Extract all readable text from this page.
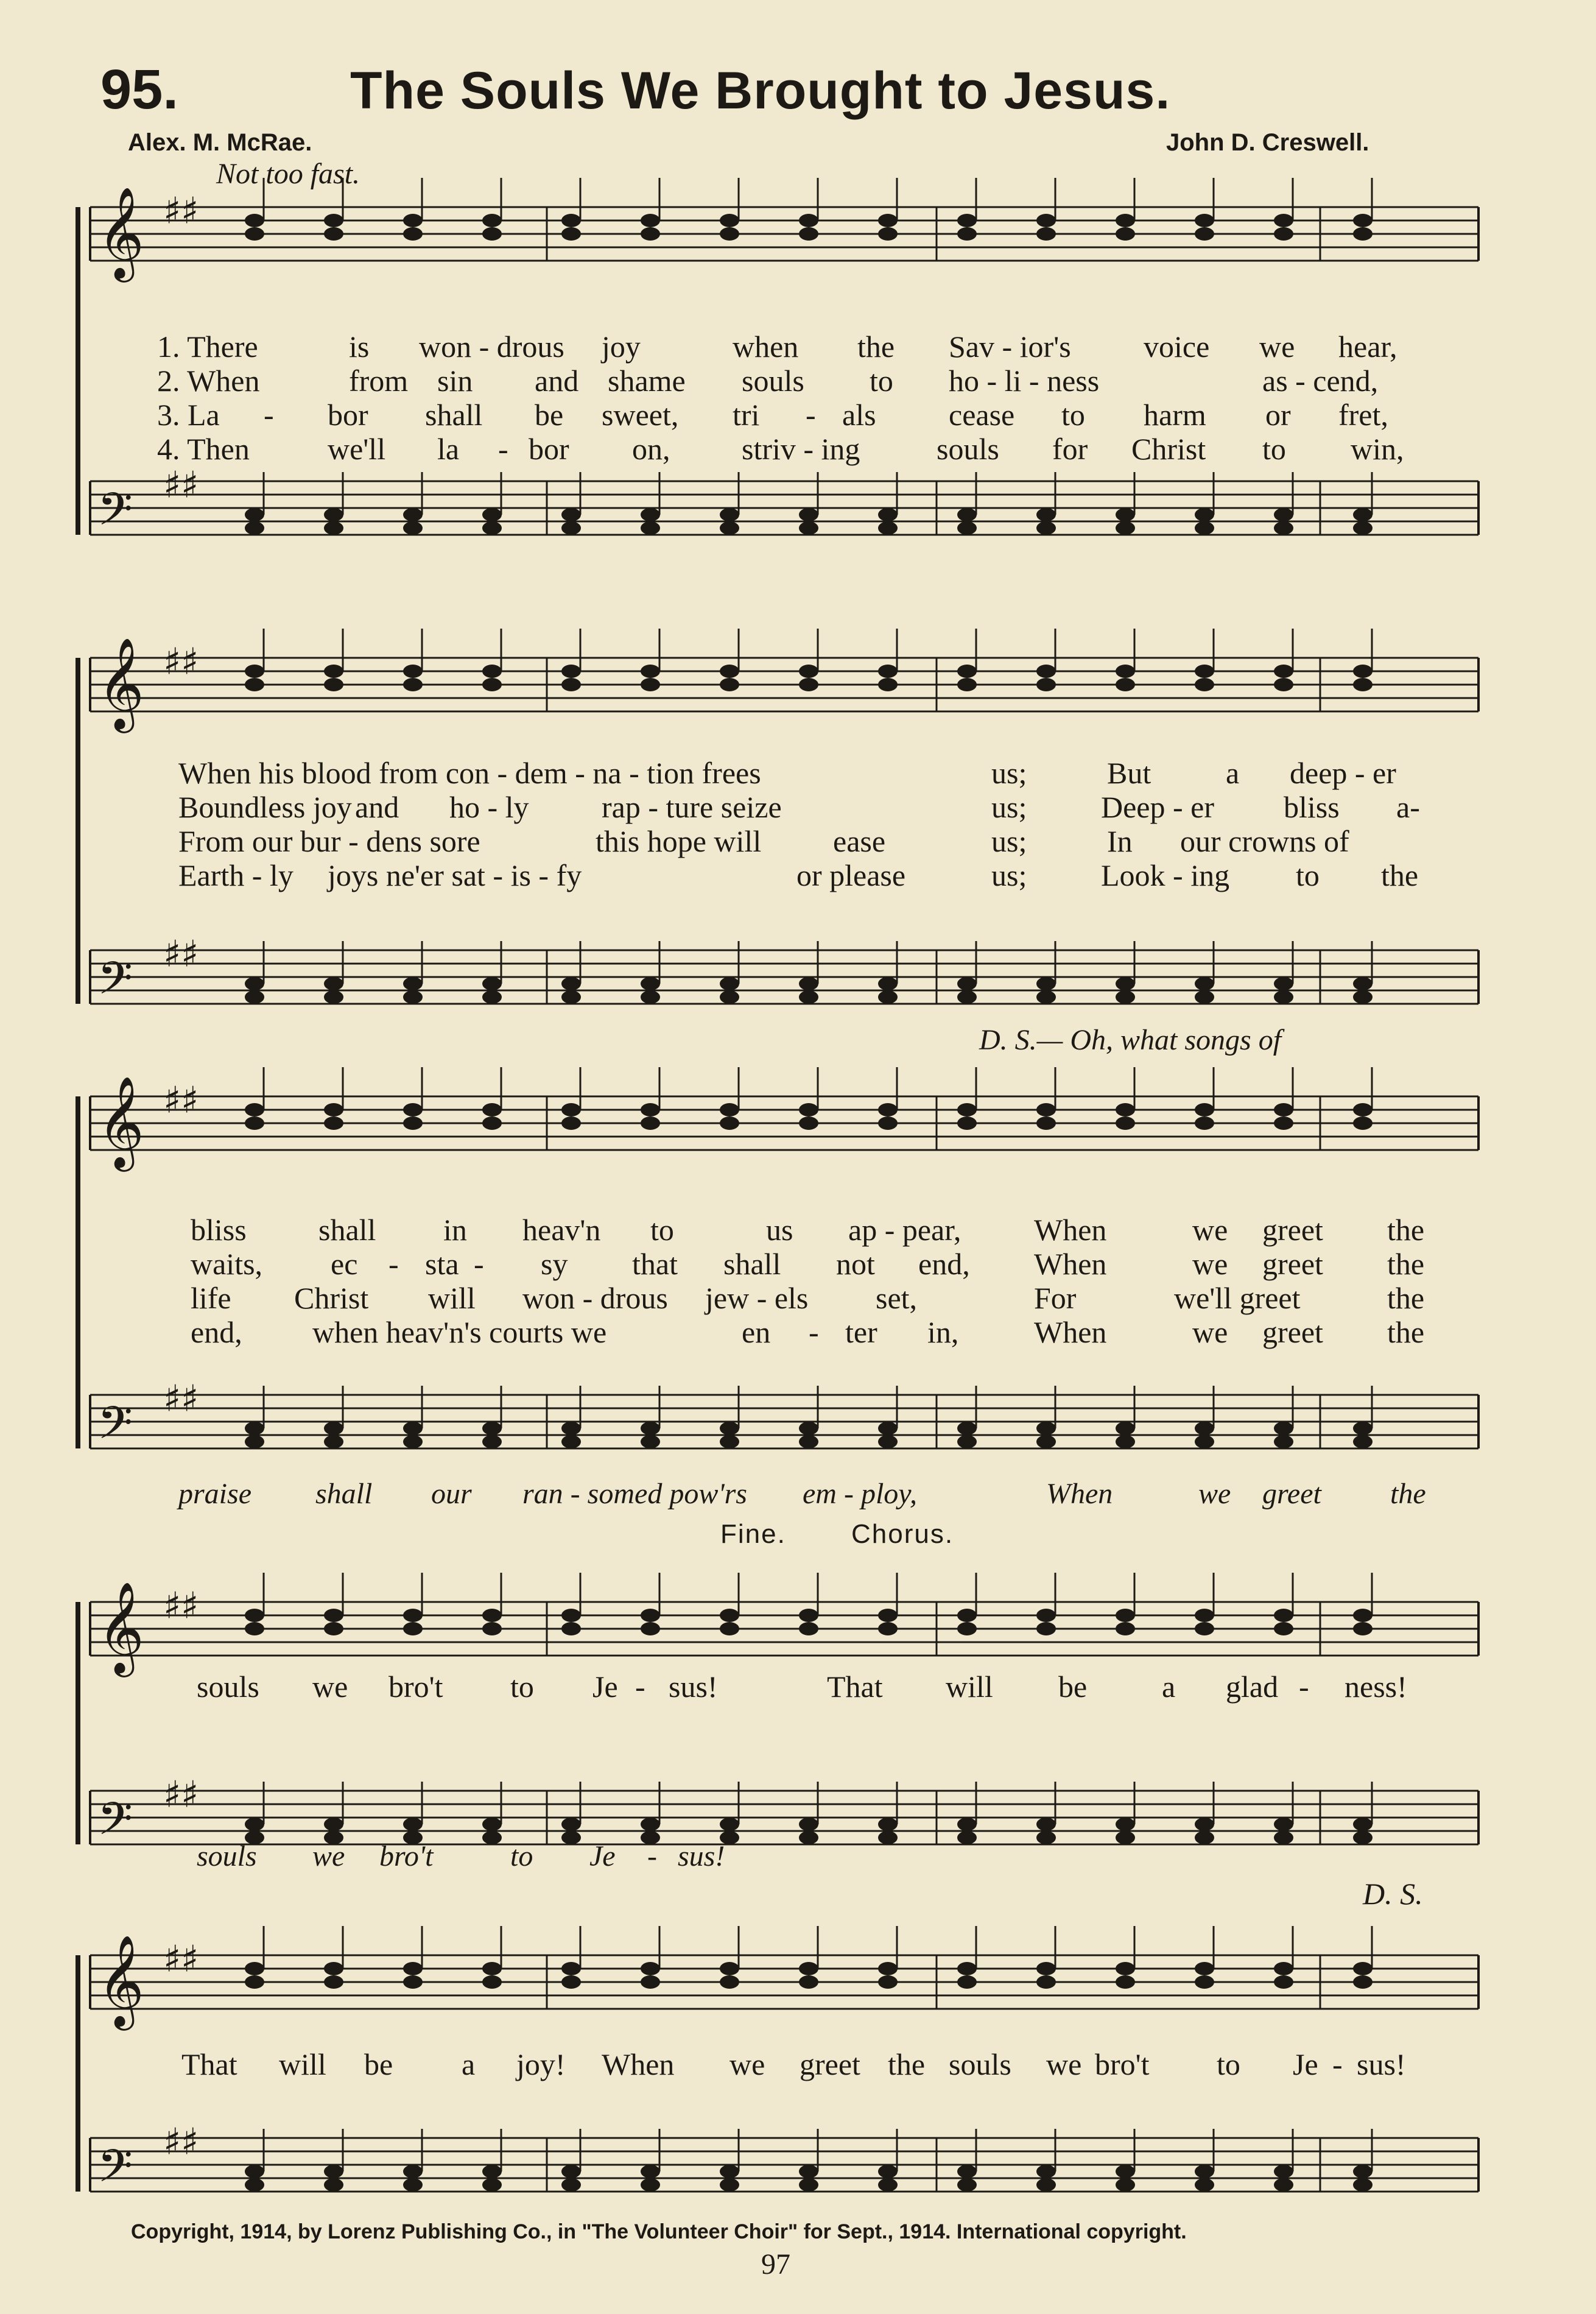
95.	The Souls We Brought to Jesus.
Alex. M. McRae.	John D. Creswell.
Not too fast.
𝄞 ♯♯
𝄢 ♯♯
1. There	is won - drous joy	when the Sav - ior's voice we hear,
2. When	from sin and shame souls to ho - li - ness	as - cend,
3. La - bor shall be sweet, tri - als cease to harm or fret,
4. Then	we'll la - bor on, striv - ing	souls for Christ to win,
𝄞 ♯♯
𝄢 ♯♯
When his blood from con - dem - na - tion frees	us;	But a deep - er
Boundless joy and ho - ly rap - ture seize	us; Deep - er bliss a-
From our bur - dens sore	this hope will ease	us;	In our crowns of
Earth - ly joys ne'er sat - is - fy	or please	us; Look - ing to the
D. S.— Oh, what songs of
𝄞 ♯♯
𝄢 ♯♯
bliss shall in heav'n to	us ap - pear, When	we greet the
waits, ec - sta - sy that shall not end, When	we greet the
life Christ will won - drous jew - els set,	For	we'll greet	the
end, when heav'n's courts we	en - ter in, When	we greet the
praise shall our ran - somed pow'rs em - ploy,	When	we greet the
Fine. Chorus.
𝄞 ♯♯
𝄢 ♯♯
souls we bro't to Je - sus!	That will be a glad - ness!
souls we bro't	to Je - sus!
D. S.
𝄞 ♯♯
𝄢 ♯♯
That will be a joy! When we greet the souls we bro't to Je - sus!
Copyright, 1914, by Lorenz Publishing Co., in "The Volunteer Choir" for Sept., 1914. International copyright.
97
